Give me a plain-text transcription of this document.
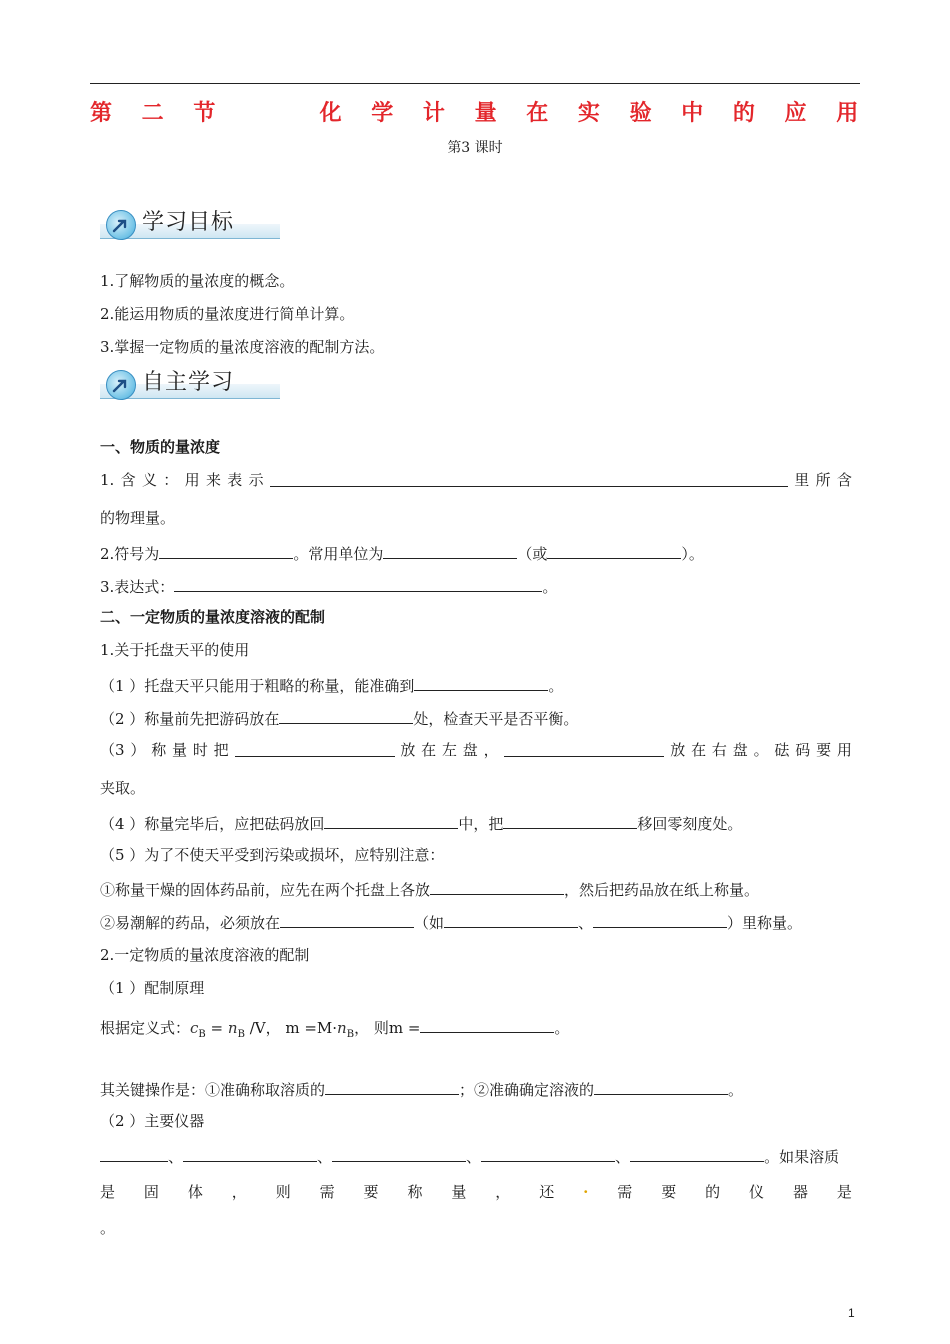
第 二 节     化 学 计 量 在 实 验 中 的 应 用
第3 课时
学习目标
1.了解物质的量浓度的概念。
2.能运用物质的量浓度进行简单计算。
3.掌握一定物质的量浓度溶液的配制方法。
自主学习
一、物质的量浓度
1. 含 义 ： 用 来 表 示	里 所 含
的物理量。
2.符号为	。常用单位为	（或	）。
3.表达式：	。
二、一定物质的量浓度溶液的配制
1.关于托盘天平的使用
（1 ）托盘天平只能用于粗略的称量，能准确到	。
（2 ）称量前先把游码放在	处，检查天平是否平衡。
（3 ） 称 量 时 把	放 在 左 盘 ，	放 在 右 盘 。 砝 码 要 用
夹取。
（4 ）称量完毕后，应把砝码放回	中，把	移回零刻度处。
（5 ）为了不使天平受到污染或损坏，应特别注意：
①称量干燥的固体药品前，应先在两个托盘上各放	，然后把药品放在纸上称量。
②易潮解的药品，必须放在	（如	、	）里称量。
2.一定物质的量浓度溶液的配制
（1 ）配制原理
根据定义式：$c_B = n_B$ /V， $m =M\cdot n_B$， 则m =	。
其关键操作是：①准确称取溶质的	；②准确确定溶液的	。
（2 ）主要仪器
、	、	、	、	。如果溶质
是 固 体 ， 则 需 要 称 量 ， 还 · 需 要 的 仪 器 是
。
1
